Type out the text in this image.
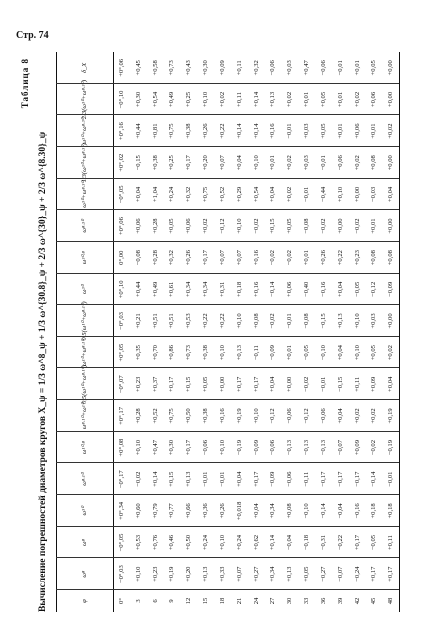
Стр. 74
Таблица 8
Вычисление погрешностей диаметров кругов X_ψ = 1/3 ω^8_ψ + 1/3 ω^{30.8}_ψ + 2/3 ω^{30}_ψ + 2/3 ω^{8.30}_ψ	φ
ω⁸
ω⁸
ω³⁰
ω⁸·¹⁰
ω¹⁰·⁸
ω⁸·¹⁰+ω¹⁰
0,5(ω¹⁰+ω⁸·¹⁰)
ω¹⁰+ω⁸·¹⁰
0,5(ω¹⁰+ω⁸·¹⁰)
ω³⁰
ω³⁰·⁸
ω⁸·³⁰
ω³⁰+ω⁸·³⁰
1/3(ω³⁰+ω⁸·³⁰)
ω³⁰+ω⁸·³⁰
2/3(ω³⁰+ω⁸·³⁰)
δ_X
0°
−0°,03
−0°,05
+0°,34
−0°,17
+0°,08
+0°,17
−0°,07
+0°,05
−0°,03
+0°,10
0°,00
+0°,06
−0°,05
+0°,02
+0°,16
−0°,10
+0°,06
3
+0,10
+0,53
+0,60
−0,02
+0,10
+0,28
+0,23
+0,35
+0,21
+0,44
−0,08
+0,06
+0,04
−0,15
+0,44
+0,30
+0,45
6
+0,23
+0,76
+0,79
+0,14
+0,47
+0,52
+0,37
+0,70
+0,51
+0,49
+0,28
+0,28
+1,04
+0,38
+0,81
+0,54
+0,58
9
+0,19
+0,46
+0,77
+0,15
+0,30
+0,75
+0,17
+0,86
+0,51
+0,61
+0,32
+0,05
+0,24
+0,25
+0,75
+0,49
+0,73
12
+0,20
+0,50
+0,66
+0,13
+0,17
+0,50
+0,15
+0,73
+0,53
+0,34
+0,26
+0,06
+0,32
+0,17
+0,38
+0,25
+0,43
15
+0,13
+0,24
+0,36
−0,01
−0,06
+0,38
+0,05
+0,38
+0,22
+0,34
+0,17
+0,02
+0,75
+0,20
+0,26
+0,10
+0,30
18
+0,33
+0,10
+0,26
−0,01
+0,10
+0,16
+0,00
+0,10
+0,22
+0,31
+0,07
−0,12
+0,52
+0,07
+0,22
+0,02
+0,09
21
+0,07
+0,24
+0,018
+0,04
−0,19
+0,19
+0,17
+0,13
+0,10
+0,18
+0,07
+0,10
+0,29
+0,04
+0,14
+0,11
+0,11
24
+0,27
+0,62
+0,04
+0,17
−0,09
+0,10
+0,17
−0,11
+0,08
+0,16
+0,16
−0,02
+0,54
+0,10
+0,14
+0,14
+0,32
27
+0,34
+0,14
+0,34
−0,09
−0,06
−0,12
+0,04
−0,09
−0,02
−0,14
−0,02
+0,15
+0,04
+0,01
+0,16
+0,13
−0,06
30
+0,13
−0,04
+0,08
−0,06
−0,13
−0,06
+0,00
+0,01
−0,01
+0,06
−0,02
+0,05
+0,02
+0,02
−0,01
+0,02
+0,03
33
+0,05
−0,18
−0,10
−0,11
−0,13
−0,12
−0,02
−0,05
−0,08
−0,40
+0,01
−0,08
−0,01
+0,03
+0,03
+0,01
+0,47
36
−0,27
−0,31
−0,14
−0,17
−0,13
−0,06
−0,01
−0,10
−0,15
−0,16
+0,26
−0,02
−0,44
−0,01
+0,05
+0,05
−0,06
39
−0,07
−0,22
−0,04
−0,17
−0,07
+0,04
−0,15
+0,04
+0,13
+0,04
+0,22
+0,00
+0,10
−0,06
+0,01
+0,01
−0,01
42
−0,24
+0,17
−0,16
−0,17
+0,09
+0,02
+0,11
+0,10
+0,10
−0,05
+0,23
−0,02
+0,00
+0,02
+0,06
+0,02
+0,01
45
+0,17
−0,05
+0,18
−0,14
−0,02
+0,02
+0,09
+0,05
+0,03
−0,12
+0,08
+0,01
−0,03
+0,08
+0,01
+0,06
+0,05
48
+0,17
+0,11
+0,18
−0,01
−0,19
+0,19
+0,04
+0,02
+0,00
−0,09
+0,08
+0,00
+0,04
+0,00
+0,02
+0,00
+0,00
